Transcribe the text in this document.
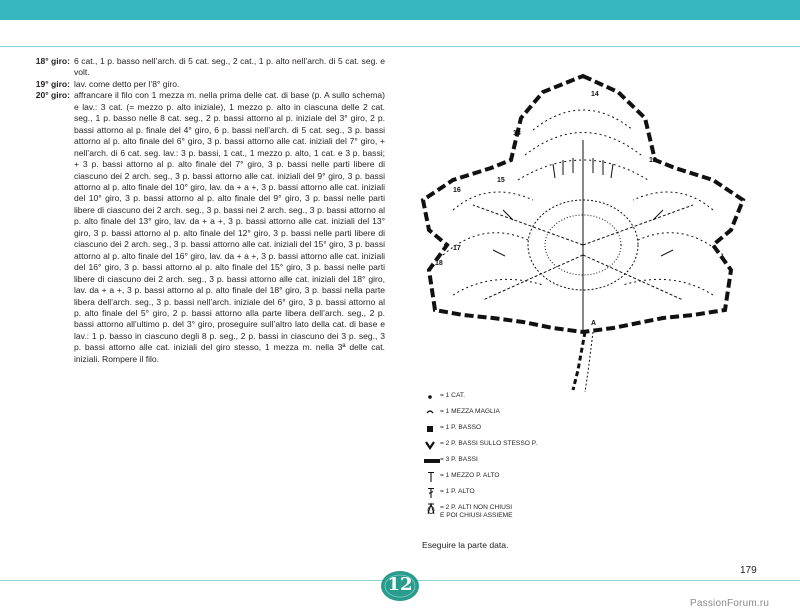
18° giro: 6 cat., 1 p. basso nell’arch. di 5 cat. seg., 2 cat., 1 p. alto nell’arch. di 5 cat. seg. e volt.
19° giro: lav. come detto per l’8° giro.
20° giro: affrancare il filo con 1 mezza m. nella prima delle cat. di base (p. A sullo schema) e lav.: 3 cat. (= mezzo p. alto iniziale), 1 mezzo p. alto in ciascuna delle 2 cat. seg., 1 p. basso nelle 8 cat. seg., 2 p. bassi attorno al p. iniziale del 3° giro, 2 p. bassi attorno al p. finale del 4° giro, 6 p. bassi nell’arch. di 5 cat. seg., 3 p. bassi attorno al p. alto finale del 6° giro, 3 p. bassi attorno alle cat. iniziali del 7° giro, + nell’arch. di 6 cat. seg. lav.: 3 p. bassi, 1 cat., 1 mezzo p. alto, 1 cat. e 3 p. bassi; + 3 p. bassi attorno al p. alto finale del 7° giro, 3 p. bassi nelle parti libere di ciascuno dei 2 arch. seg., 3 p. bassi attorno alle cat. iniziali del 9° giro, 3 p. bassi attorno al p. alto finale del 10° giro, lav. da + a +, 3 p. bassi attorno alle cat. iniziali del 10° giro, 3 p. bassi attorno al p. alto finale del 9° giro, 3 p. bassi nelle parti libere di ciascuno dei 2 arch. seg., 3 p. bassi nei 2 arch. seg., 3 p. bassi attorno al p. alto finale del 13° giro, lav. da + a +, 3 p. bassi attorno alle cat. iniziali del 13° giro, 3 p. bassi attorno al p. alto finale del 12° giro, 3 p. bassi nelle parti libere di ciascuno dei 2 arch. seg., 3 p. bassi attorno alle cat. iniziali del 15° giro, 3 p. bassi attorno al p. alto finale del 16° giro, lav. da + a +, 3 p. bassi attorno alle cat. iniziali del 16° giro, 3 p. bassi attorno al p. alto finale del 15° giro, 3 p. bassi nelle parti libere di ciascuno dei 2 arch. seg., 3 p. bassi attorno alle cat. iniziali del 18° giro, lav. da + a +, 3 p. bassi attorno al p. alto finale del 18° giro, 3 p. bassi nella parte libera dell’arch. seg., 3 p. bassi nell’arch. iniziale del 6° giro, 3 p. bassi attorno al p. alto finale del 5° giro, 2 p. bassi attorno alla parte libera dell’arch. seg., 2 p. bassi attorno all’ultimo p. del 3° giro, proseguire sull’altro lato della cat. di base e lav.: 1 p. basso in ciascuno degli 8 p. seg., 2 p. bassi in ciascuno dei 3 p. seg., 3 p. bassi attorno alle cat. iniziali del giro stesso, 1 mezza m. nella 3ª delle cat. iniziali. Rompere il filo.
14
13
12
16
15
18
17
A
= 1 CAT.
= 1 MEZZA MAGLIA
= 1 P. BASSO
= 2 P. BASSI SULLO STESSO P.
= 3 P. BASSI
= 1 MEZZO P. ALTO
= 1 P. ALTO
= 2 P. ALTI NON CHIUSI
E POI CHIUSI ASSIEME
Eseguire la parte data.
12
179
PassionForum.ru
